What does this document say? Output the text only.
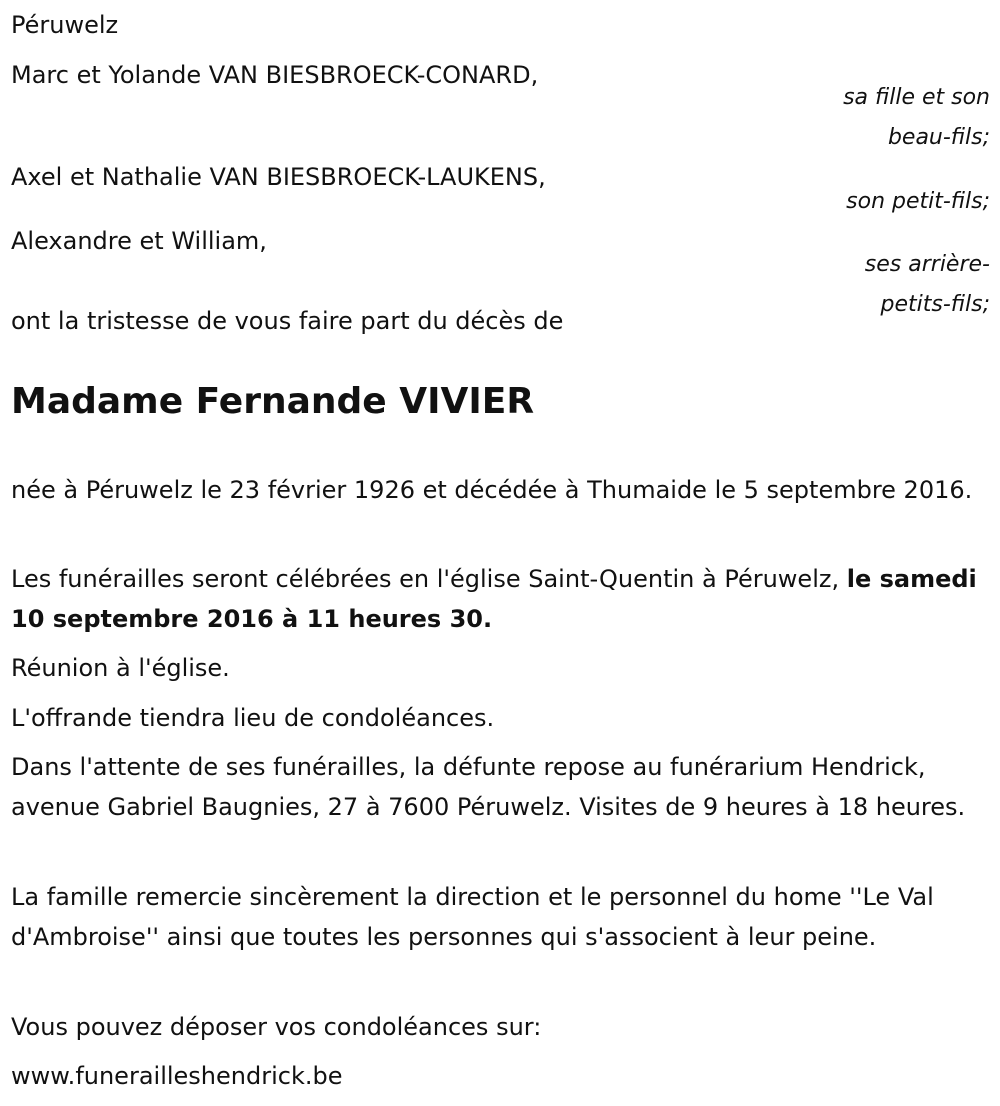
Péruwelz
Marc et Yolande VAN BIESBROECK-CONARD,
sa fille et son
beau-fils;
Axel et Nathalie VAN BIESBROECK-LAUKENS,
son petit-fils;
Alexandre et William,
ses arrière-
petits-fils;
ont la tristesse de vous faire part du décès de
Madame Fernande VIVIER
née à Péruwelz le 23 février 1926 et décédée à Thumaide le 5 septembre 2016.
Les funérailles seront célébrées en l'église Saint-Quentin à Péruwelz, le samedi 10 septembre 2016 à 11 heures 30.
Réunion à l'église.
L'offrande tiendra lieu de condoléances.
Dans l'attente de ses funérailles, la défunte repose au funérarium Hendrick, avenue Gabriel Baugnies, 27 à 7600 Péruwelz. Visites de 9 heures à 18 heures.
La famille remercie sincèrement la direction et le personnel du home ''Le Val d'Ambroise'' ainsi que toutes les personnes qui s'associent à leur peine.
Vous pouvez déposer vos condoléances sur:
www.funerailleshendrick.be
